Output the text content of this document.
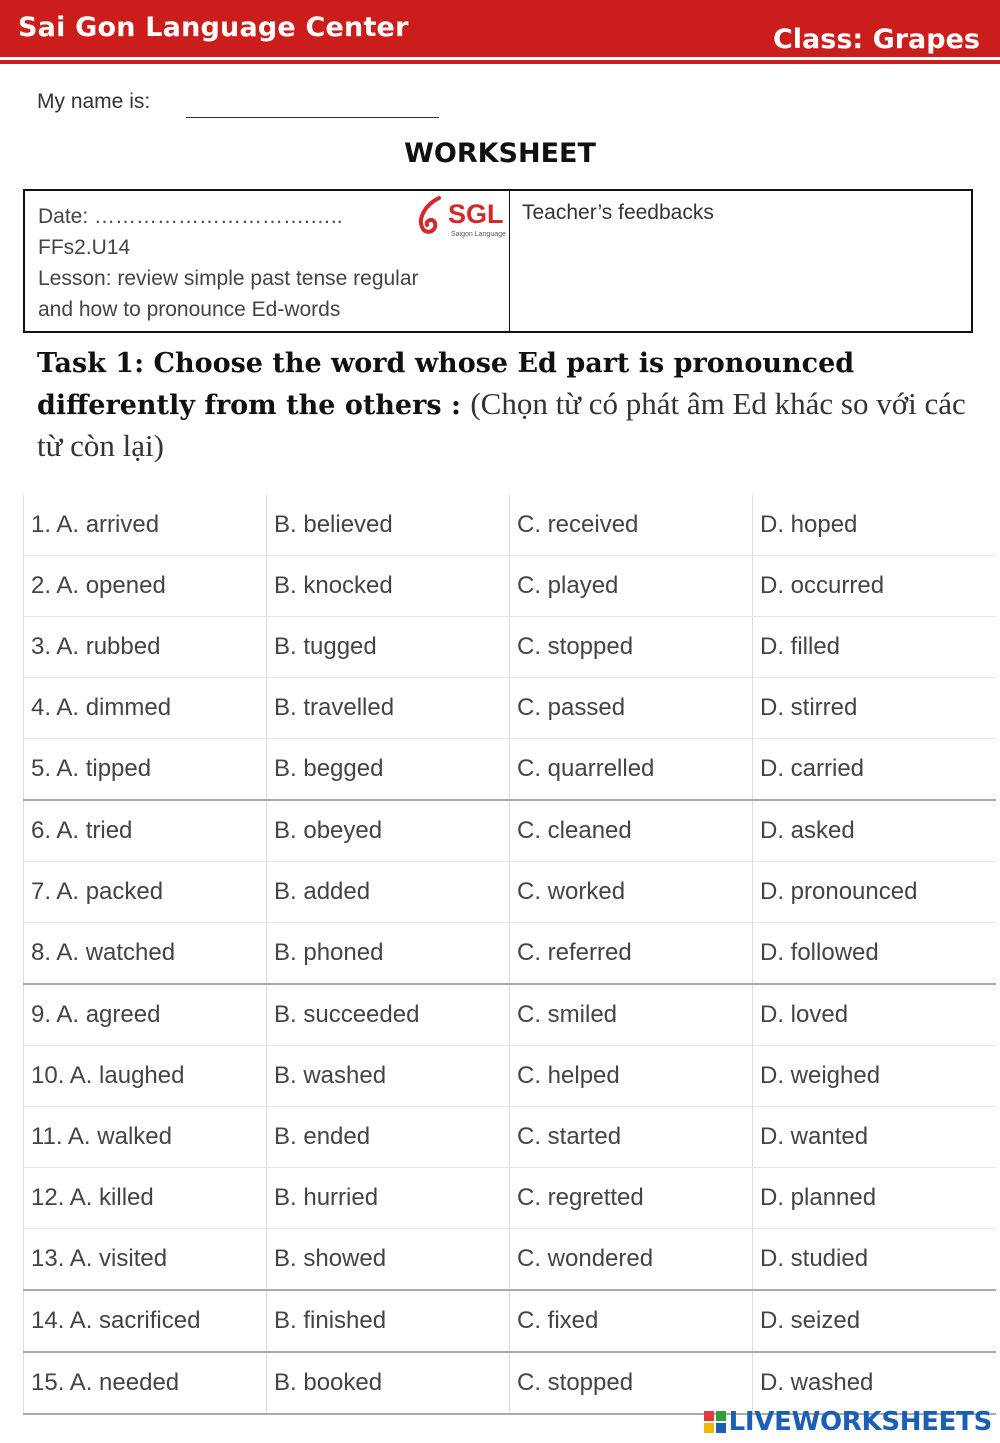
Sai Gon Language Center	Class: Grapes
My name is:
WORKSHEET
Date: ………………………….…..
FFs2.U14
Lesson: review simple past tense regular
and how to pronounce Ed-words
SGL
Saigon Language
Teacher’s feedbacks
Task 1: Choose the word whose Ed part is pronounced differently from the others : (Chọn từ có phát âm Ed khác so với các từ còn lại)
1. A. arrived	B. believed	C. received	D. hoped
2. A. opened	B. knocked	C. played	D. occurred
3. A. rubbed	B. tugged	C. stopped	D. filled
4. A. dimmed	B. travelled	C. passed	D. stirred
5. A. tipped	B. begged	C. quarrelled	D. carried
6. A. tried	B. obeyed	C. cleaned	D. asked
7. A. packed	B. added	C. worked	D. pronounced
8. A. watched	B. phoned	C. referred	D. followed
9. A. agreed	B. succeeded	C. smiled	D. loved
10. A. laughed	B. washed	C. helped	D. weighed
11. A. walked	B. ended	C. started	D. wanted
12. A. killed	B. hurried	C. regretted	D. planned
13. A. visited	B. showed	C. wondered	D. studied
14. A. sacrificed	B. finished	C. fixed	D. seized
15. A. needed	B. booked	C. stopped	D. washed
LIVEWORKSHEETS
